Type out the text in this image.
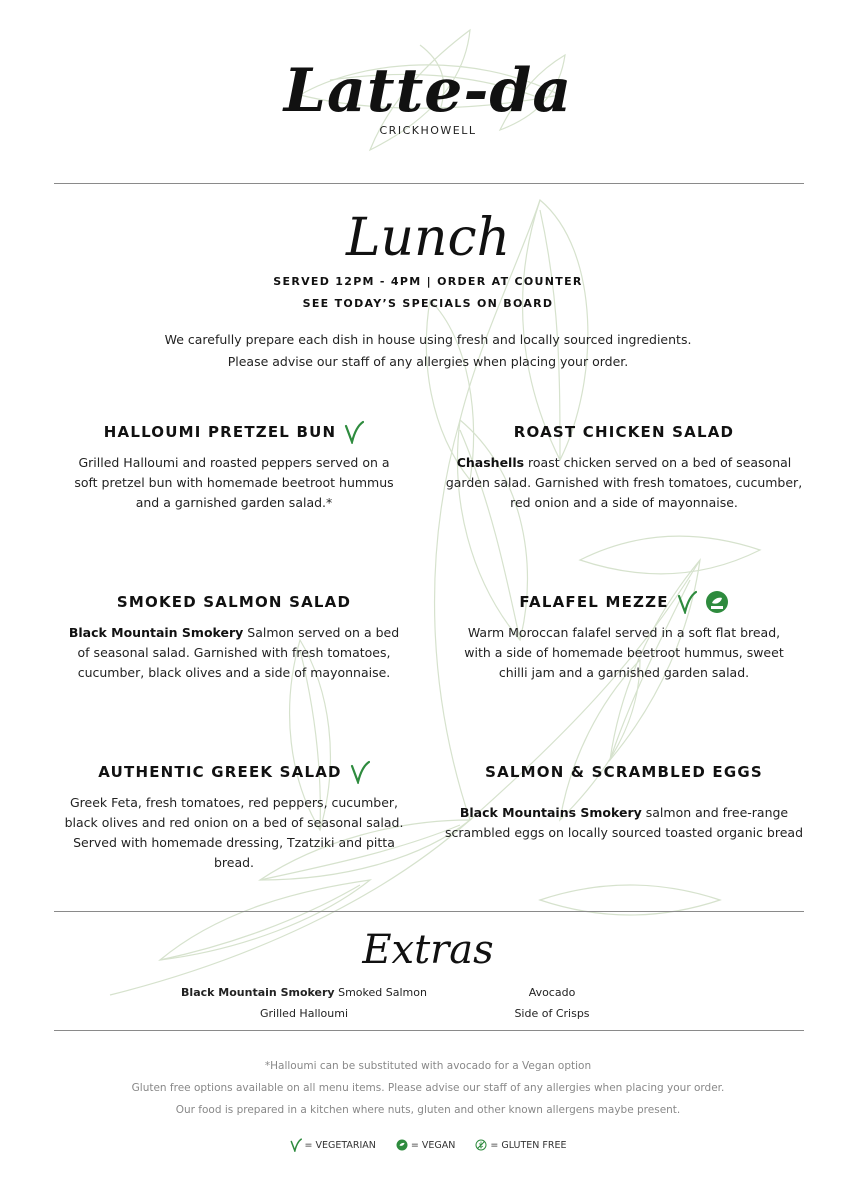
Latte-da
CRICKHOWELL
Lunch
SERVED 12PM - 4PM | ORDER AT COUNTER
SEE TODAY’S SPECIALS ON BOARD
We carefully prepare each dish in house using fresh and locally sourced ingredients.
Please advise our staff of any allergies when placing your order.
HALLOUMI PRETZEL BUN
Grilled Halloumi and roasted peppers served on a soft pretzel bun with homemade beetroot hummus and a garnished garden salad.*
ROAST CHICKEN SALAD
Chashells roast chicken served on a bed of seasonal garden salad. Garnished with fresh tomatoes, cucumber, red onion and a side of mayonnaise.
SMOKED SALMON SALAD
Black Mountain Smokery Salmon served on a bed of seasonal salad. Garnished with fresh tomatoes, cucumber, black olives and a side of mayonnaise.
FALAFEL MEZZE
Warm Moroccan falafel served in a soft flat bread, with a side of homemade beetroot hummus, sweet chilli jam and a garnished garden salad.
AUTHENTIC GREEK SALAD
Greek Feta, fresh tomatoes, red peppers, cucumber, black olives and red onion on a bed of seasonal salad. Served with homemade dressing, Tzatziki and pitta bread.
SALMON & SCRAMBLED EGGS
Black Mountains Smokery salmon and free-range scrambled eggs on locally sourced toasted organic bread
Extras
Black Mountain Smokery Smoked Salmon
Grilled Halloumi
Avocado
Side of Crisps
*Halloumi can be substituted with avocado for a Vegan option
Gluten free options available on all menu items. Please advise our staff of any allergies when placing your order.
Our food is prepared in a kitchen where nuts, gluten and other known allergens maybe present.
= VEGETARIAN	= VEGAN	= GLUTEN FREE
